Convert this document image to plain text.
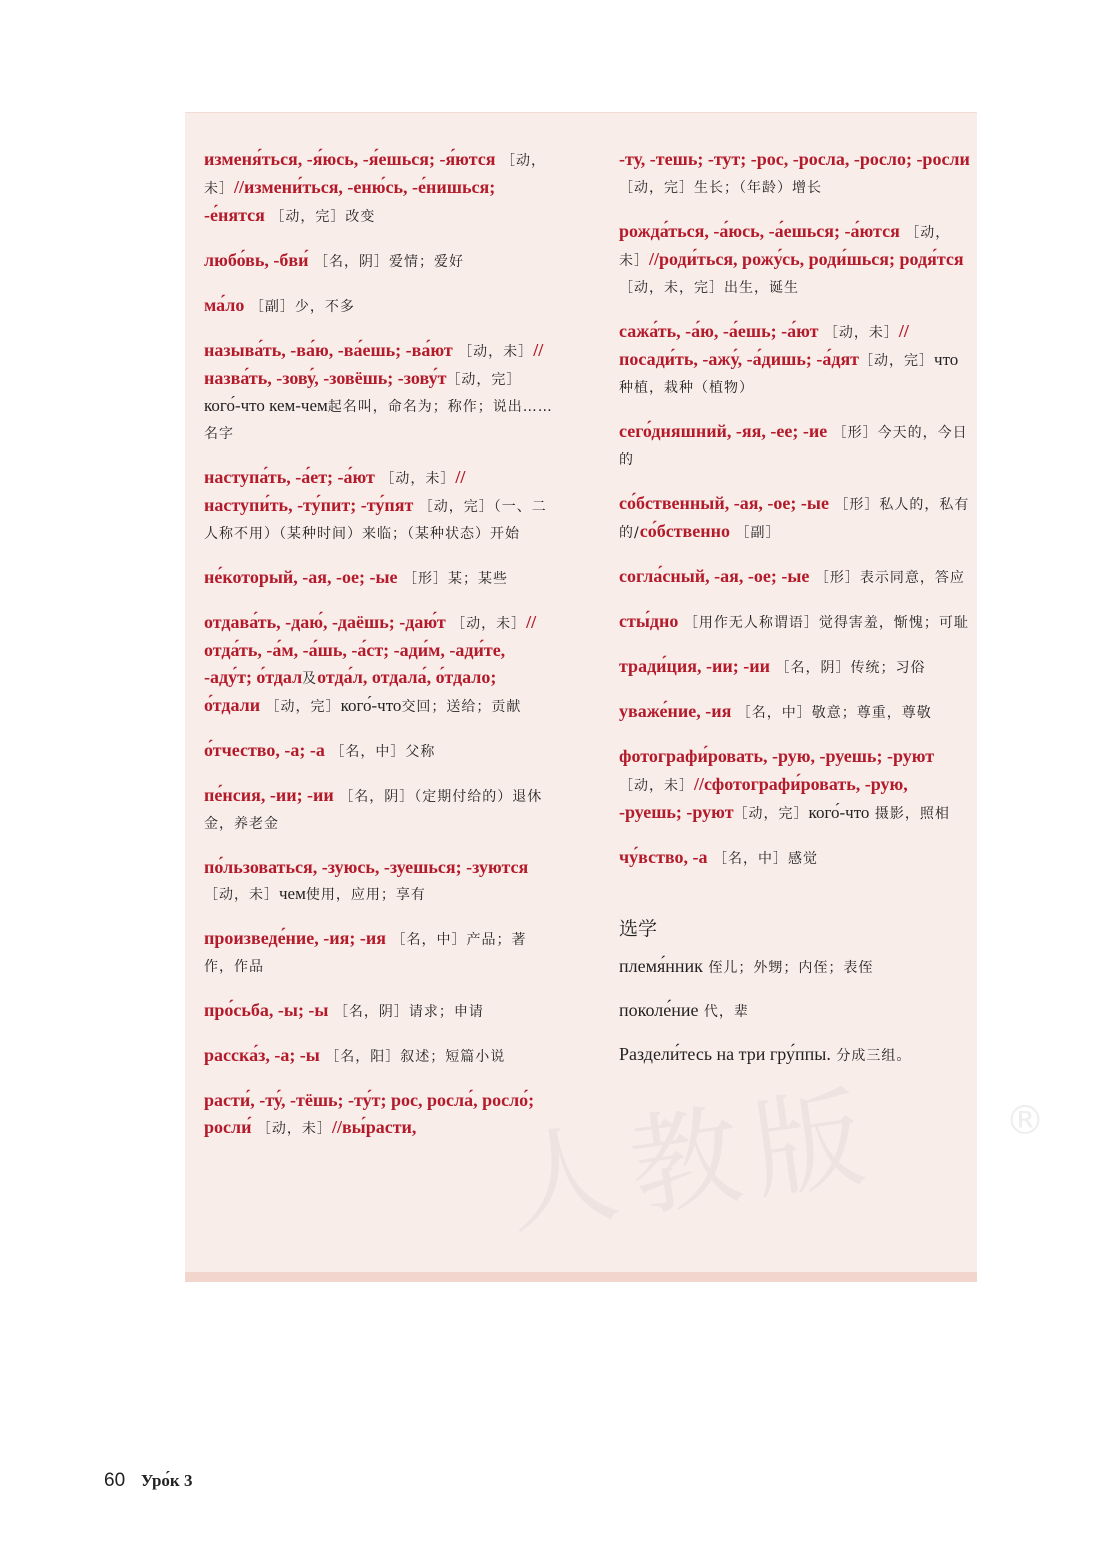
人教版	®
изменя́ться, -я́юсь, -я́ешься; -я́ются ［动，未］//измени́ться, -еню́сь, -е́нишься; -е́нятся ［动，完］改变
любо́вь, -бви́ ［名，阴］爱情；爱好
ма́ло ［副］少，不多
называ́ть, -ва́ю, -ва́ешь; -ва́ют ［动，未］//назва́ть, -зову́, -зовёшь; -зову́т［动，完］кого́-что кем-чем起名叫，命名为；称作；说出……名字
наступа́ть, -а́ет; -а́ют ［动，未］// наступи́ть, -ту́пит; -ту́пят ［动，完］（一、二人称不用）（某种时间）来临；（某种状态）开始
не́который, -ая, -ое; -ые ［形］某；某些
отдава́ть, -даю́, -даёшь; -даю́т ［动，未］//отда́ть, -а́м, -а́шь, -а́ст; -ади́м, -ади́те, -аду́т; о́тдал及отда́л, отдала́, о́тдало; о́тдали ［动，完］кого́-что交回；送给；贡献
о́тчество, -а; -а ［名，中］父称
пе́нсия, -ии; -ии ［名，阴］（定期付给的）退休金，养老金
по́льзоваться, -зуюсь, -зуешься; -зуются［动，未］чем使用，应用；享有
произведе́ние, -ия; -ия ［名，中］产品；著作，作品
про́сьба, -ы; -ы ［名，阴］请求；申请
расска́з, -а; -ы ［名，阳］叙述；短篇小说
расти́, -ту́, -тёшь; -ту́т; рос, росла́, росло́; росли́ ［动，未］//вы́расти,
-ту, -тешь; -тут; -рос, -росла, -росло; -росли ［动，完］生长；（年龄）增长
рожда́ться, -а́юсь, -а́ешься; -а́ются ［动，未］//роди́ться, рожу́сь, роди́шься; родя́тся ［动，未，完］出生，诞生
сажа́ть, -а́ю, -а́ешь; -а́ют ［动，未］// посади́ть, -ажу́, -а́дишь; -а́дят［动，完］что 种植，栽种（植物）
сего́дняшний, -яя, -ее; -ие ［形］今天的，今日的
со́бственный, -ая, -ое; -ые ［形］私人的，私有的/со́бственно ［副］
согла́сный, -ая, -ое; -ые ［形］表示同意，答应
сты́дно ［用作无人称谓语］觉得害羞，惭愧；可耻
тради́ция, -ии; -ии ［名，阴］传统；习俗
уваже́ние, -ия ［名，中］敬意；尊重，尊敬
фотографи́ровать, -рую, -руешь; -руют ［动，未］//сфотографи́ровать, -рую, -руешь; -руют［动，完］кого́-что 摄影，照相
чу́вство, -а ［名，中］感觉
选学
племя́нник 侄儿；外甥；内侄；表侄
поколе́ние 代，辈
Раздели́тесь на три гру́ппы. 分成三组。
60 Уро́к 3
